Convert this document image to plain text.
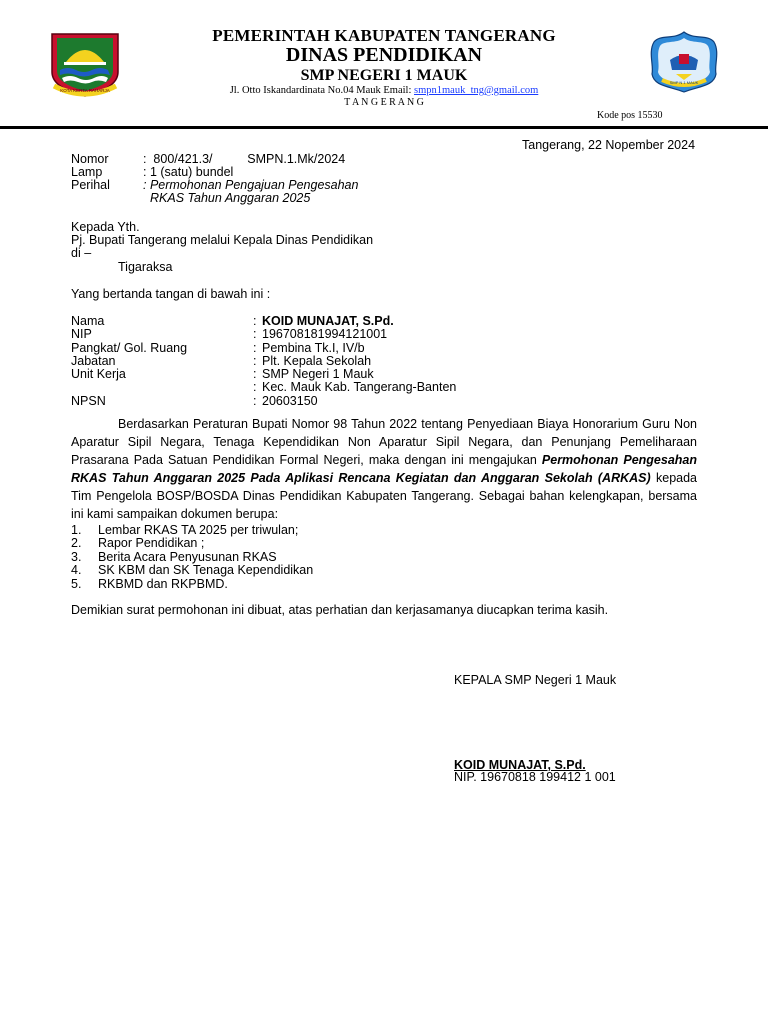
KOTA KERTA RAHARJA
PEMERINTAH KABUPATEN TANGERANG
DINAS PENDIDIKAN
SMP NEGERI 1 MAUK
Jl. Otto Iskandardinata No.04 Mauk Email: smpn1mauk_tng@gmail.com
T A N G E R A N G
SMP N 1 MAUK
Kode pos 15530
Tangerang, 22 Nopember 2024
Nomor	:  800/421.3/          SMPN.1.Mk/2024
Lamp	: 1 (satu) bundel
Perihal	: Permohonan Pengajuan Pengesahan
RKAS Tahun Anggaran 2025
Kepada Yth.
Pj. Bupati Tangerang melalui Kepala Dinas Pendidikan
di –
Tigaraksa
Yang bertanda tangan di bawah ini :
Nama	: KOID MUNAJAT, S.Pd.
NIP	: 196708181994121001
Pangkat/ Gol. Ruang	: Pembina Tk.I, IV/b
Jabatan	: Plt. Kepala Sekolah
Unit Kerja	: SMP Negeri 1 Mauk
: Kec. Mauk Kab. Tangerang-Banten
NPSN	: 20603150
Berdasarkan Peraturan Bupati Nomor 98 Tahun 2022 tentang Penyediaan Biaya Honorarium Guru Non
Aparatur Sipil Negara, Tenaga Kependidikan Non Aparatur Sipil Negara, dan Penunjang Pemeliharaan
Prasarana Pada Satuan Pendidikan Formal Negeri, maka dengan ini mengajukan Permohonan Pengesahan
RKAS Tahun Anggaran 2025 Pada Aplikasi Rencana Kegiatan dan Anggaran Sekolah (ARKAS) kepada
Tim Pengelola BOSP/BOSDA Dinas Pendidikan Kabupaten Tangerang. Sebagai bahan kelengkapan, bersama
ini kami sampaikan dokumen berupa:
1. Lembar RKAS TA 2025 per triwulan;
2. Rapor Pendidikan ;
3. Berita Acara Penyusunan RKAS
4. SK KBM dan SK Tenaga Kependidikan
5. RKBMD dan RKPBMD.
Demikian surat permohonan ini dibuat, atas perhatian dan kerjasamanya diucapkan terima kasih.
KEPALA SMP Negeri 1 Mauk
KOID MUNAJAT, S.Pd.
NIP. 19670818 199412 1 001
